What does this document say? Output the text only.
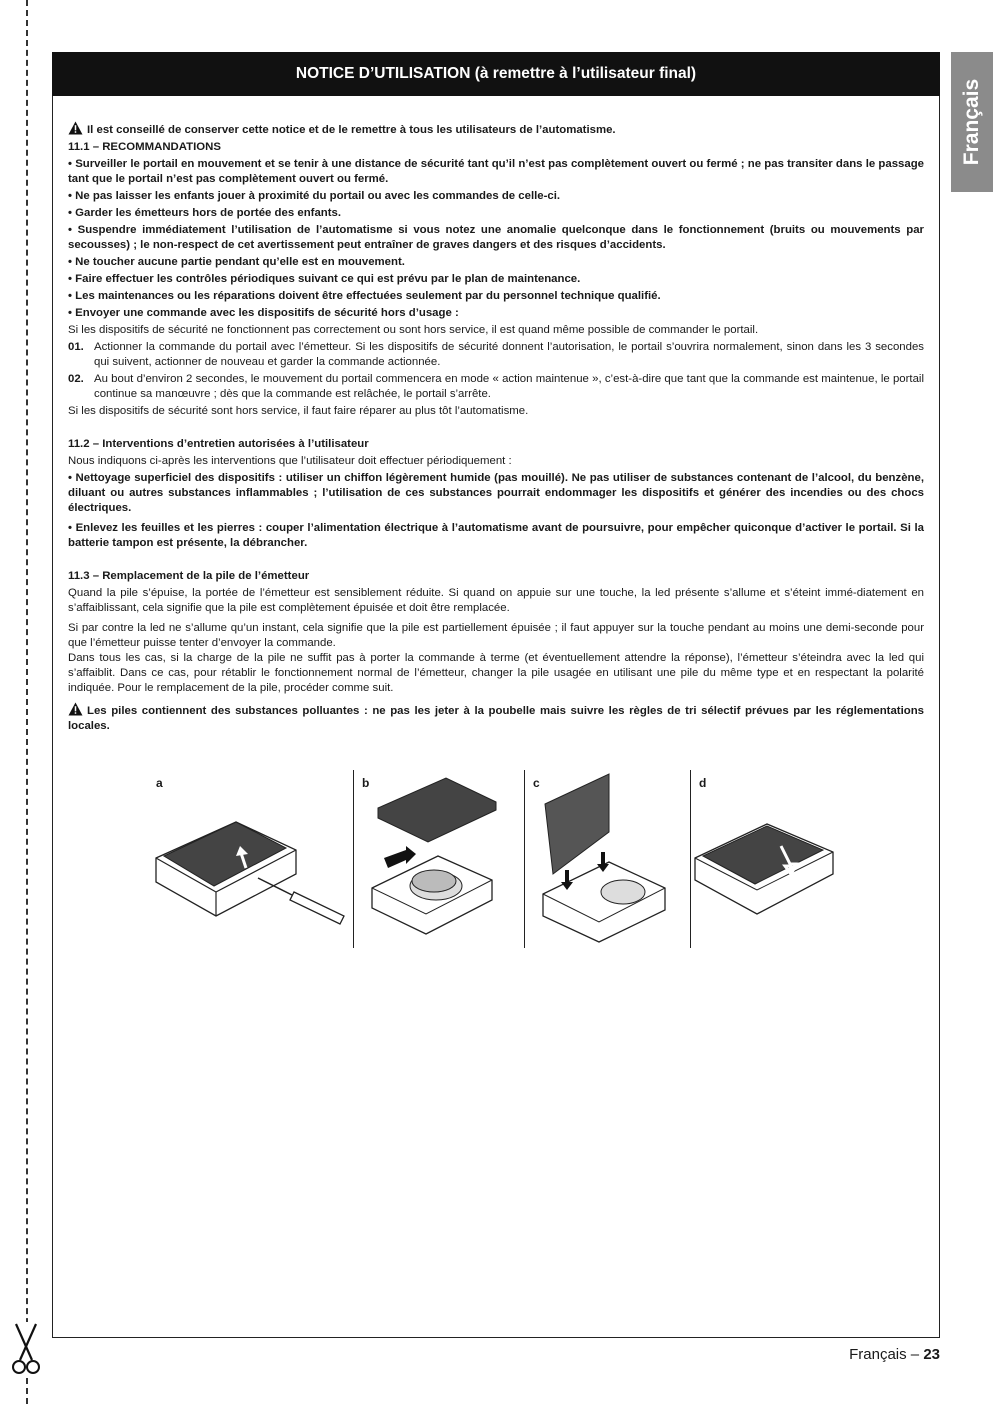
NOTICE D’UTILISATION (à remettre à l’utilisateur final)
Français

Il est conseillé de conserver cette notice et de le remettre à tous les utilisateurs de l’automatisme.

11.1 – RECOMMANDATIONS

• Surveiller le portail en mouvement et se tenir à une distance de sécurité tant qu’il n’est pas complètement ouvert ou fermé ; ne pas transiter dans le passage tant que le portail n’est pas complètement ouvert ou fermé.

• Ne pas laisser les enfants jouer à proximité du portail ou avec les commandes de celle-ci.

• Garder les émetteurs hors de portée des enfants.

• Suspendre immédiatement l’utilisation de l’automatisme si vous notez une anomalie quelconque dans le fonctionnement (bruits ou mouvements par secousses) ; le non-respect de cet avertissement peut entraîner de graves dangers et des risques d’accidents.

• Ne toucher aucune partie pendant qu’elle est en mouvement.

• Faire effectuer les contrôles périodiques suivant ce qui est prévu par le plan de maintenance.

• Les maintenances ou les réparations doivent être effectuées seulement par du personnel technique qualifié.

• Envoyer une commande avec les dispositifs de sécurité hors d’usage :

Si les dispositifs de sécurité ne fonctionnent pas correctement ou sont hors service, il est quand même possible de commander le portail.

01. Actionner la commande du portail avec l’émetteur. Si les dispositifs de sécurité donnent l’autorisation, le portail s’ouvrira normalement, sinon dans les 3 secondes qui suivent, actionner de nouveau et garder la commande actionnée.
02. Au bout d’environ 2 secondes, le mouvement du portail commencera en mode « action maintenue », c’est-à-dire que tant que la commande est maintenue, le portail continue sa manœuvre ; dès que la commande est relâchée, le portail s’arrête.

Si les dispositifs de sécurité sont hors service, il faut faire réparer au plus tôt l’automatisme.

11.2 – Interventions d’entretien autorisées à l’utilisateur

Nous indiquons ci-après les interventions que l’utilisateur doit effectuer périodiquement :

• Nettoyage superficiel des dispositifs : utiliser un chiffon légèrement humide (pas mouillé). Ne pas utiliser de substances contenant de l’alcool, du benzène, diluant ou autres substances inflammables ; l’utilisation de ces substances pourrait endommager les dispositifs et générer des incendies ou des chocs électriques.

• Enlevez les feuilles et les pierres : couper l’alimentation électrique à l’automatisme avant de poursuivre, pour empêcher quiconque d’activer le portail. Si la batterie tampon est présente, la débrancher.

11.3 – Remplacement de la pile de l’émetteur

Quand la pile s’épuise, la portée de l’émetteur est sensiblement réduite. Si quand on appuie sur une touche, la led présente s’allume et s’éteint immé-diatement en s’affaiblissant, cela signifie que la pile est complètement épuisée et doit être remplacée.

Si par contre la led ne s’allume qu’un instant, cela signifie que la pile est partiellement épuisée ; il faut appuyer sur la touche pendant au moins une demi-seconde pour que l’émetteur puisse tenter d’envoyer la commande.

Dans tous les cas, si la charge de la pile ne suffit pas à porter la commande à terme (et éventuellement attendre la réponse), l’émetteur s’éteindra avec la led qui s’affaiblit. Dans ce cas, pour rétablir le fonctionnement normal de l’émetteur, changer la pile usagée en utilisant une pile du même type et en respectant la polarité indiquée. Pour le remplacement de la pile, procéder comme suit.

Les piles contiennent des substances polluantes : ne pas les jeter à la poubelle mais suivre les règles de tri sélectif prévues par les réglementations locales.

a	b	c	d
Français – 23
